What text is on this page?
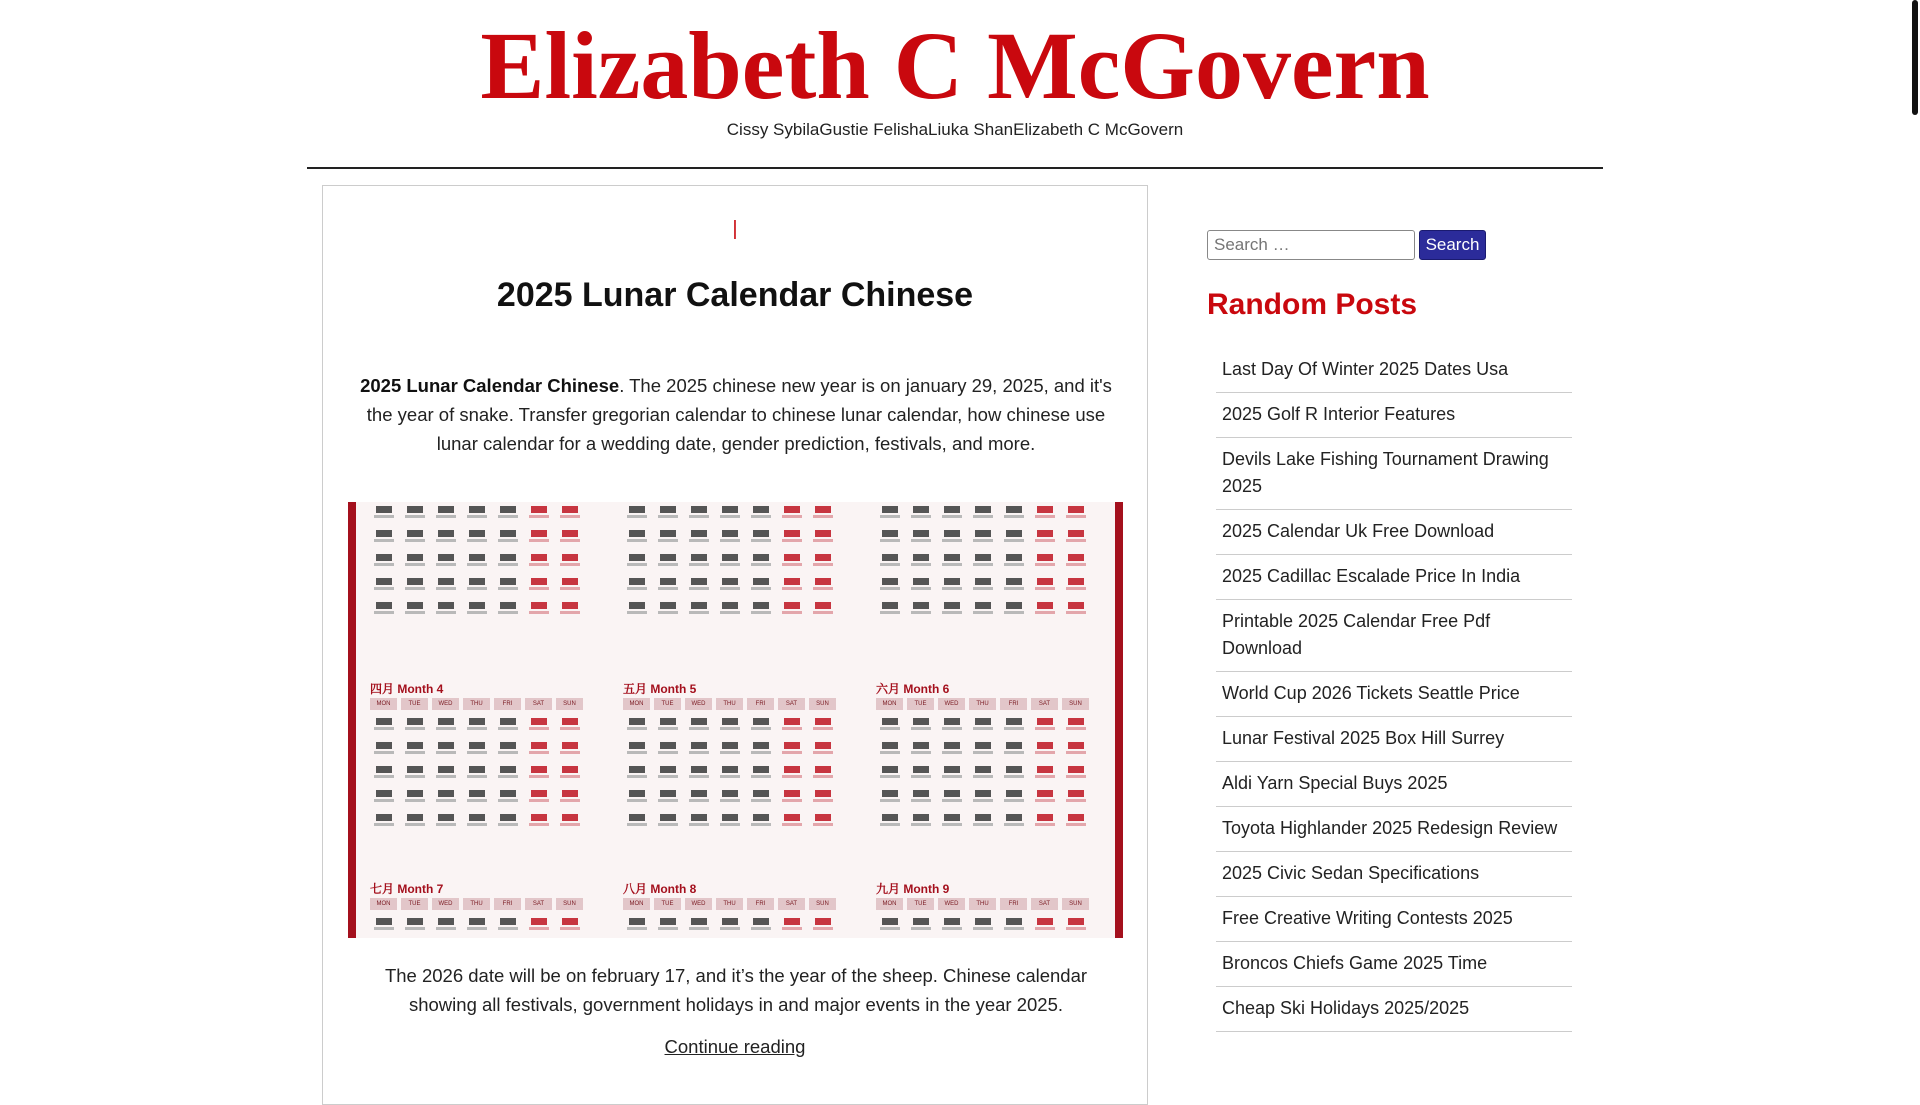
Elizabeth C McGovern
Cissy SybilaGustie FelishaLiuka ShanElizabeth C McGovern
|
2025 Lunar Calendar Chinese

2025 Lunar Calendar Chinese. The 2025 chinese new year is on january 29, 2025, and it's the year of snake. Transfer gregorian calendar to chinese lunar calendar, how chinese use lunar calendar for a wedding date, gender prediction, festivals, and more.

四月 Month 4
MON	TUE	WED	THU	FRI	SAT	SUN
五月 Month 5
MON	TUE	WED	THU	FRI	SAT	SUN
六月 Month 6
MON	TUE	WED	THU	FRI	SAT	SUN
七月 Month 7
MON	TUE	WED	THU	FRI	SAT	SUN
八月 Month 8
MON	TUE	WED	THU	FRI	SAT	SUN
九月 Month 9
MON	TUE	WED	THU	FRI	SAT	SUN

The 2026 date will be on february 17, and it’s the year of the sheep. Chinese calendar showing all festivals, government holidays in and major events in the year 2025.

Continue reading
Search …
Search
Random Posts
Last Day Of Winter 2025 Dates Usa
2025 Golf R Interior Features
Devils Lake Fishing Tournament Drawing 2025
2025 Calendar Uk Free Download
2025 Cadillac Escalade Price In India
Printable 2025 Calendar Free Pdf Download
World Cup 2026 Tickets Seattle Price
Lunar Festival 2025 Box Hill Surrey
Aldi Yarn Special Buys 2025
Toyota Highlander 2025 Redesign Review
2025 Civic Sedan Specifications
Free Creative Writing Contests 2025
Broncos Chiefs Game 2025 Time
Cheap Ski Holidays 2025/2025
